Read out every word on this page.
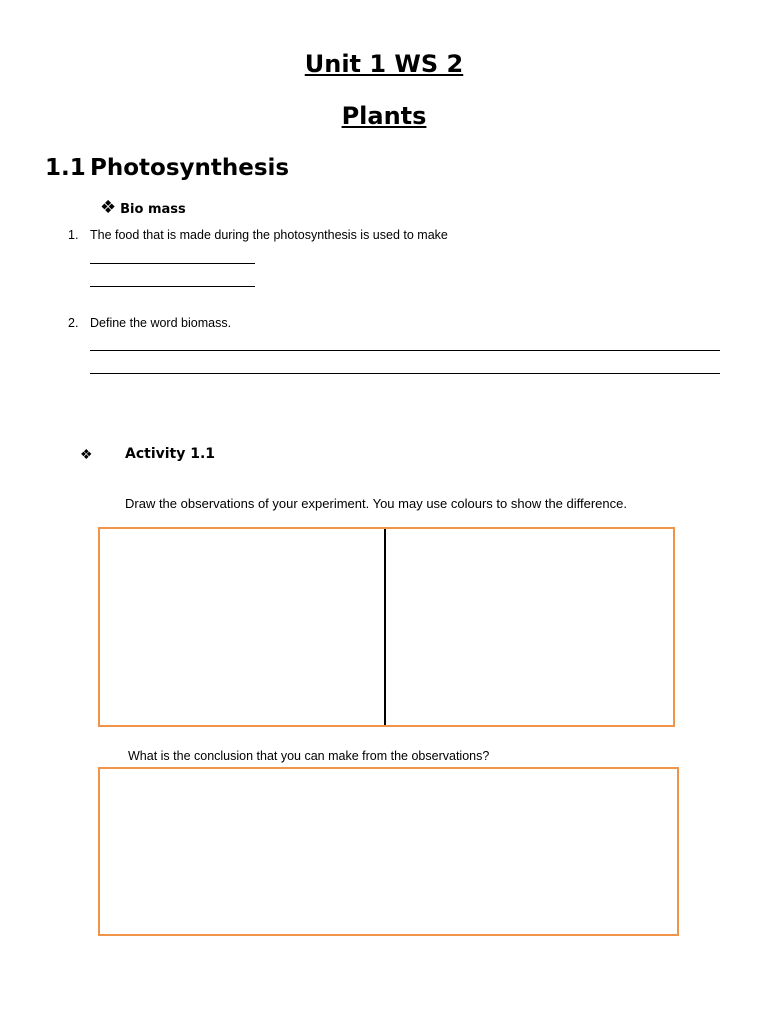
Unit 1 WS 2
Plants
1.1 Photosynthesis
❖ Bio mass
1. The food that is made during the photosynthesis is used to make
2. Define the word biomass.
❖ Activity 1.1
Draw the observations of your experiment. You may use colours to show the difference.
What is the conclusion that you can make from the observations?
